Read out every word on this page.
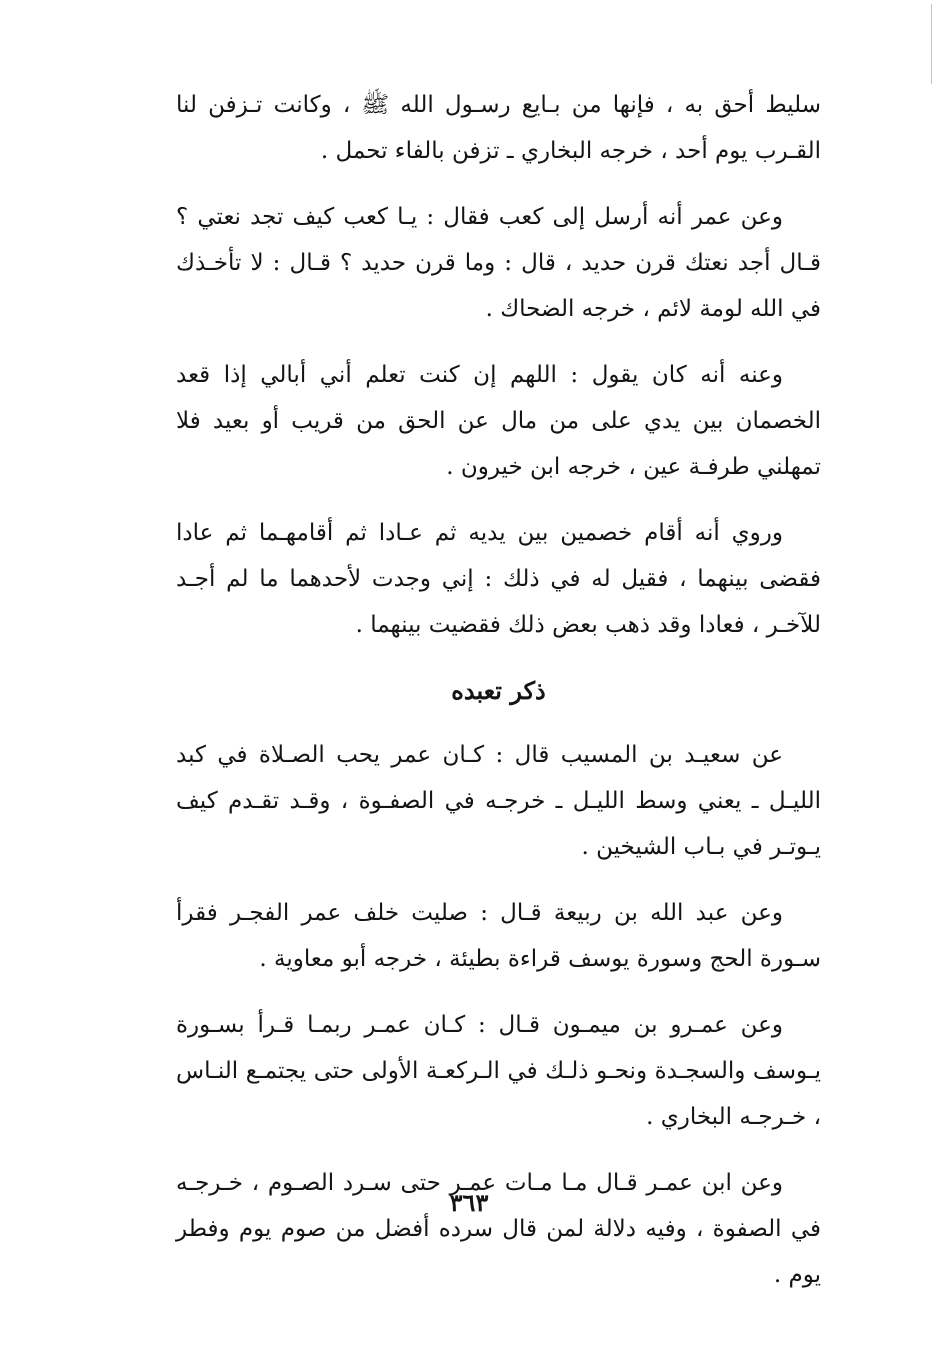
سليط أحق به ، فإنها من بـايع رسـول الله ﷺ ، وكانت تـزفن لنا القـرب يوم أحد ، خرجه البخاري ـ تزفن بالفاء تحمل .

وعن عمر أنه أرسل إلى كعب فقال : يـا كعب كيف تجد نعتي ؟ قـال أجد نعتك قرن حديد ، قال : وما قرن حديد ؟ قـال : لا تأخـذك في الله لومة لائم ، خرجه الضحاك .

وعنه أنه كان يقول : اللهم إن كنت تعلم أني أبالي إذا قعد الخصمان بين يدي على من مال عن الحق من قريب أو بعيد فلا تمهلني طرفـة عين ، خرجه ابن خيرون .

وروي أنه أقام خصمين بين يديه ثم عـادا ثم أقامهـما ثم عادا فقضى بينهما ، فقيل له في ذلك : إني وجدت لأحدهما ما لم أجـد للآخـر ، فعادا وقد ذهب بعض ذلك فقضيت بينهما .

ذكر تعبده

عن سعيـد بن المسيب قال : كـان عمر يحب الصـلاة في كبد الليـل ـ يعني وسط الليـل ـ خرجـه في الصفـوة ، وقـد تقـدم كيف يـوتـر في بـاب الشيخين .

وعن عبد الله بن ربيعة قـال : صليت خلف عمر الفجـر فقرأ سـورة الحج وسورة يوسف قراءة بطيئة ، خرجه أبو معاوية .

وعن عمـرو بن ميمـون قـال : كـان عمـر ربمـا قـرأ بسـورة يـوسف والسجـدة ونحـو ذلـك في الـركعـة الأولى حتى يجتمـع النـاس ، خـرجـه البخاري .

وعن ابن عمـر قـال مـا مـات عمـر حتى سـرد الصـوم ، خـرجـه في الصفوة ، وفيه دلالة لمن قال سرده أفضل من صوم يوم وفطر يوم .

٣٦٣
